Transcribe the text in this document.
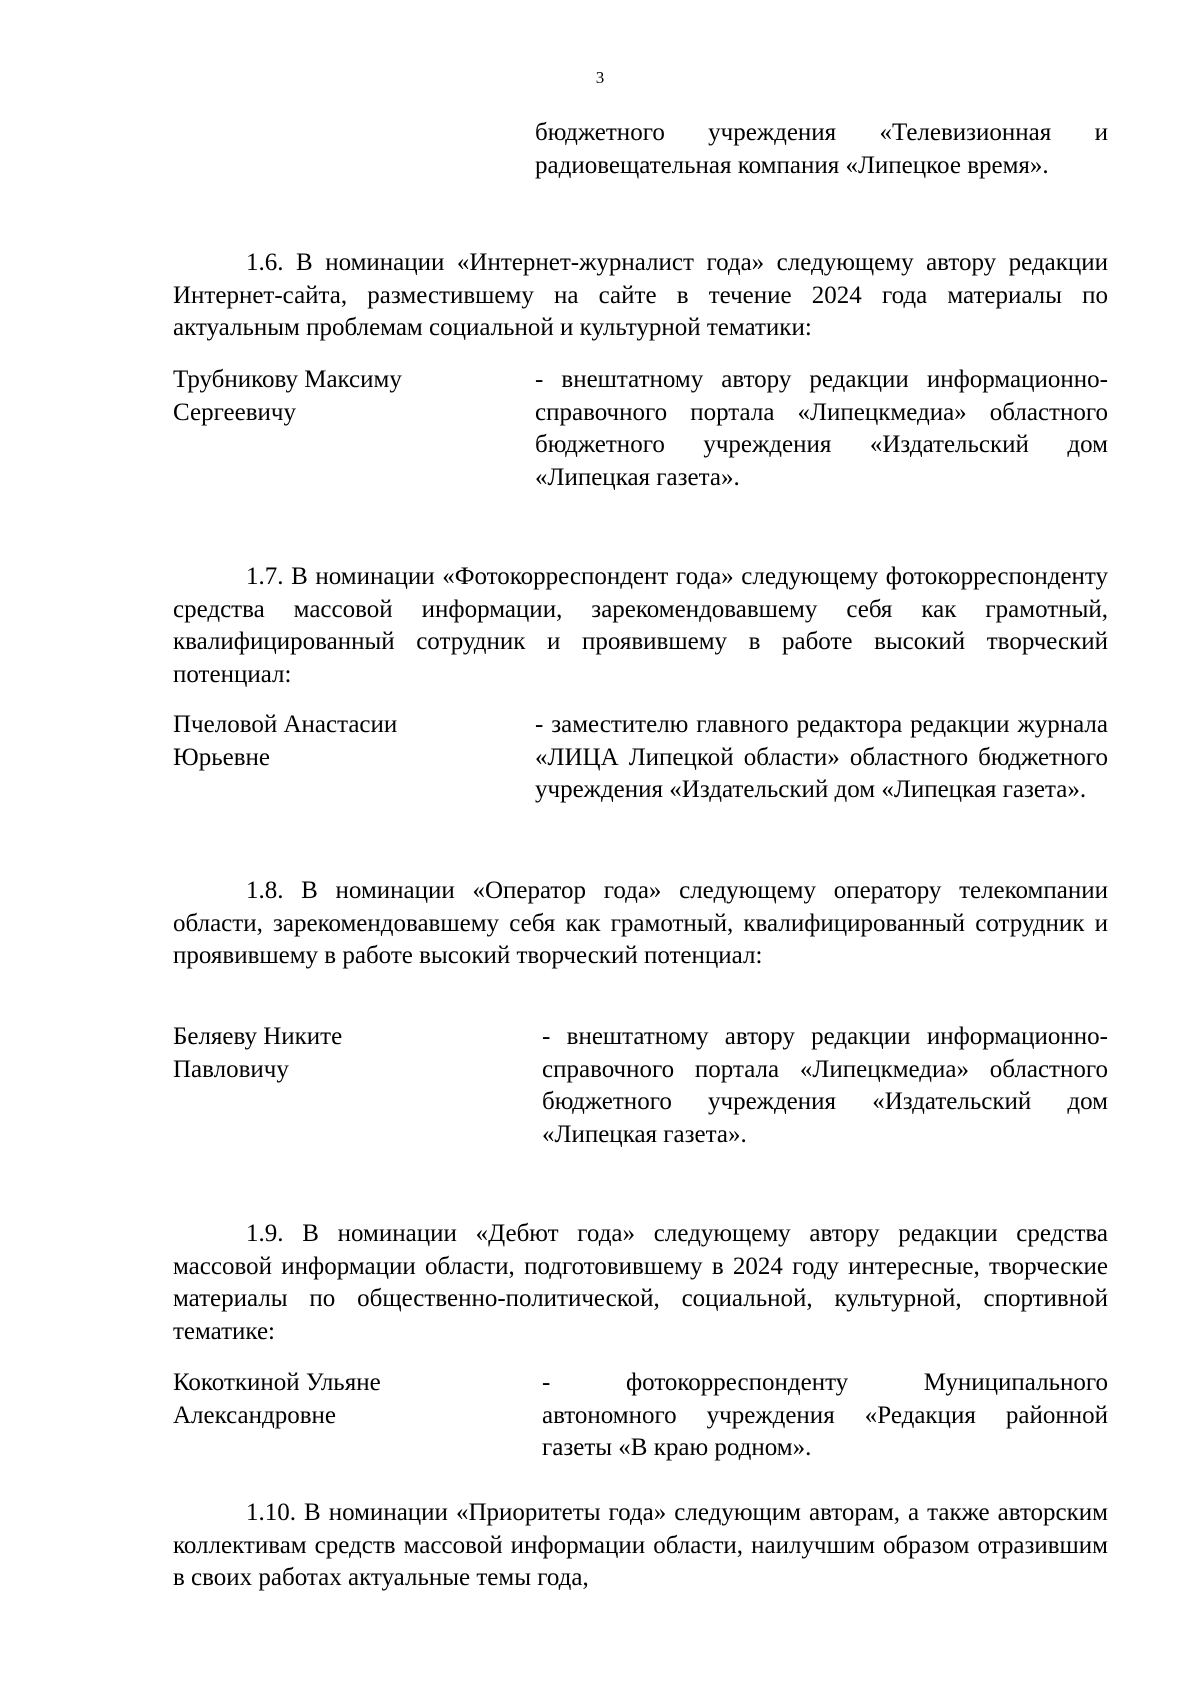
3

бюджетного учреждения «Телевизионная и радиовещательная компания «Липецкое время».

1.6. В номинации «Интернет-журналист года» следующему автору редакции Интернет-сайта, разместившему на сайте в течение 2024 года материалы по актуальным проблемам социальной и культурной тематики:

Трубникову Максиму
Сергеевичу

- внештатному автору редакции информационно-справочного портала «Липецкмедиа» областного бюджетного учреждения «Издательский дом «Липецкая газета».

1.7. В номинации «Фотокорреспондент года» следующему фотокорреспонденту средства массовой информации, зарекомендовавшему себя как грамотный, квалифицированный сотрудник и проявившему в работе высокий творческий потенциал:

Пчеловой Анастасии
Юрьевне

- заместителю главного редактора редакции журнала «ЛИЦА Липецкой области» областного бюджетного учреждения «Издательский дом «Липецкая газета».

1.8. В номинации «Оператор года» следующему оператору телекомпании области, зарекомендовавшему себя как грамотный, квалифицированный сотрудник и проявившему в работе высокий творческий потенциал:

Беляеву Никите
Павловичу

- внештатному автору редакции информационно-справочного портала «Липецкмедиа» областного бюджетного учреждения «Издательский дом «Липецкая газета».

1.9. В номинации «Дебют года» следующему автору редакции средства массовой информации области, подготовившему в 2024 году интересные, творческие материалы по общественно-политической, социальной, культурной, спортивной тематике:

Кокоткиной Ульяне
Александровне

- фотокорреспонденту Муниципального автономного учреждения «Редакция районной газеты «В краю родном».

1.10. В номинации «Приоритеты года» следующим авторам, а также авторским коллективам средств массовой информации области, наилучшим образом отразившим в своих работах актуальные темы года,
